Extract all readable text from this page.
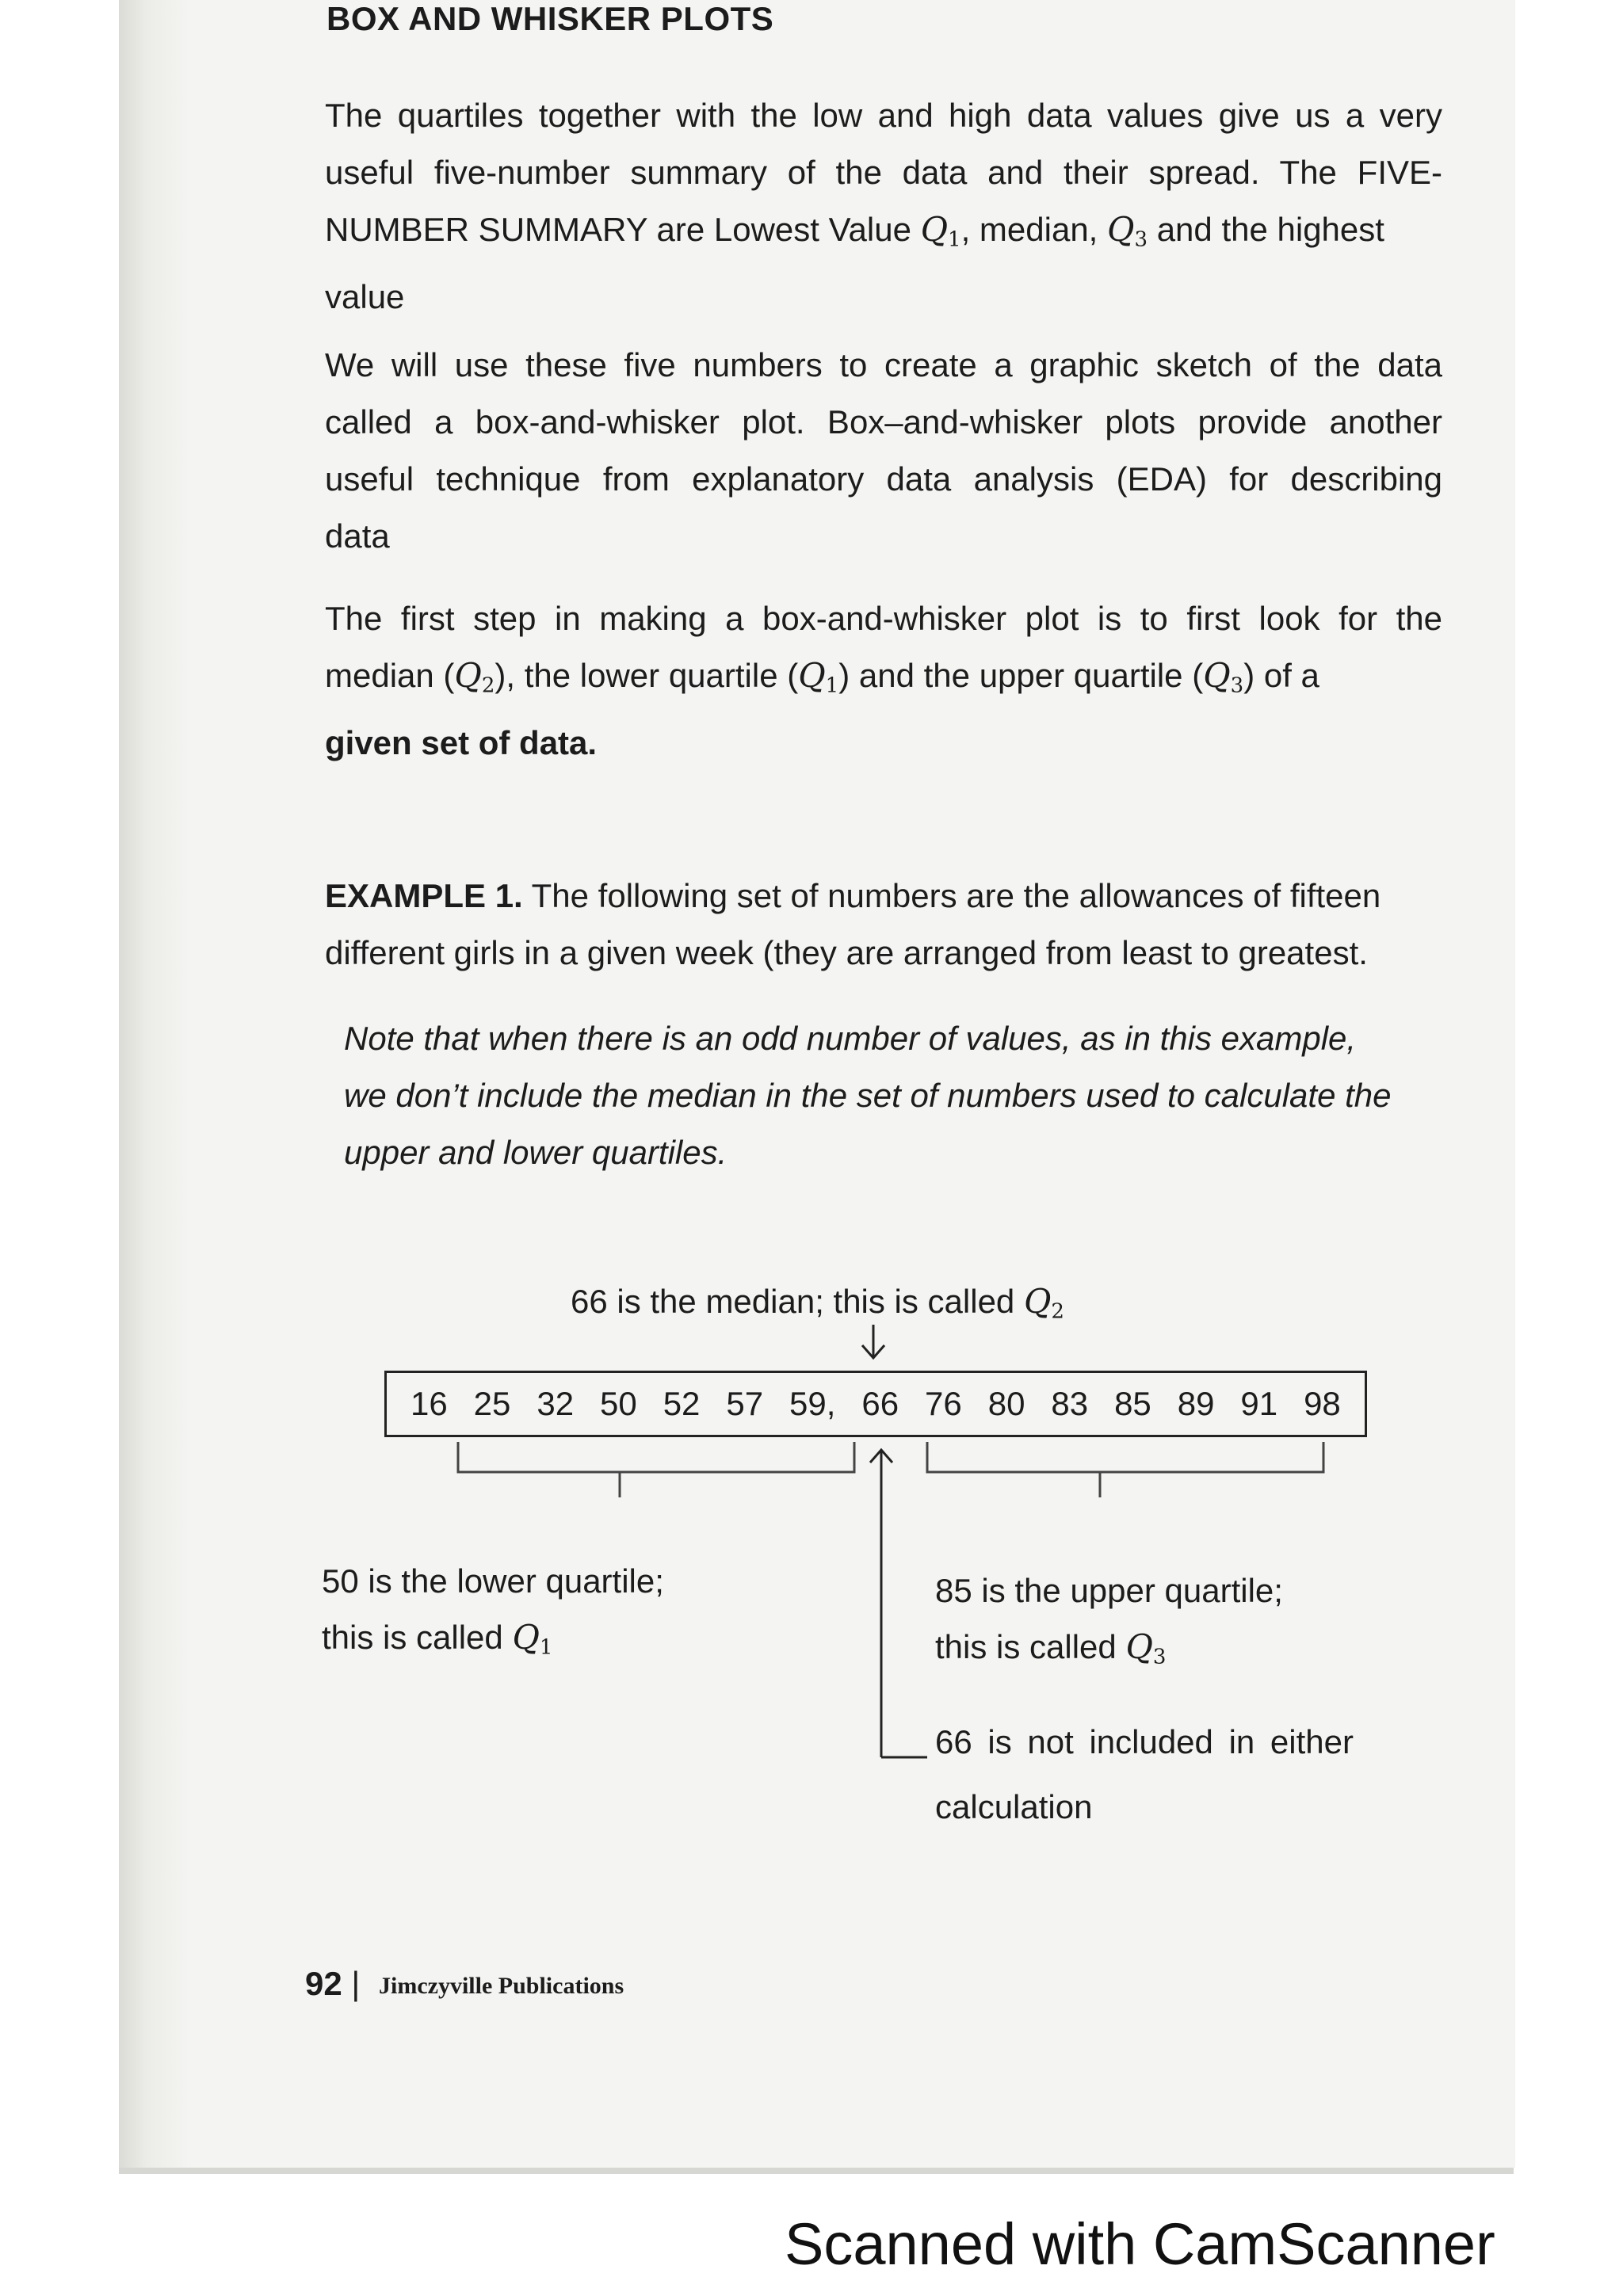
BOX AND WHISKER PLOTS
The quartiles together with the low and high data values give us a very
useful five-number summary of the data and their spread. The FIVE-
NUMBER SUMMARY are Lowest Value $Q_1$, median, $Q_3$ and the highest
value
We will use these five numbers to create a graphic sketch of the data
called a box-and-whisker plot. Box–and-whisker plots provide another
useful technique from explanatory data analysis (EDA) for describing
data
The first step in making a box-and-whisker plot is to first look for the
median $(Q_2)$, the lower quartile $(Q_1)$ and the upper quartile $(Q_3)$ of a
given set of data.
EXAMPLE 1. The following set of numbers are the allowances of fifteen
different girls in a given week (they are arranged from least to greatest.
Note that when there is an odd number of values, as in this example,
we don’t include the median in the set of numbers used to calculate the
upper and lower quartiles.
66 is the median; this is called $Q_2$
16 25 32 50 52 57 59, 66 76 80 83 85 89 91 98
50 is the lower quartile;
this is called $Q_1$
85 is the upper quartile;
this is called $Q_3$
66 is not included in either
calculation
92 | Jimczyville Publications
Scanned with CamScanner
